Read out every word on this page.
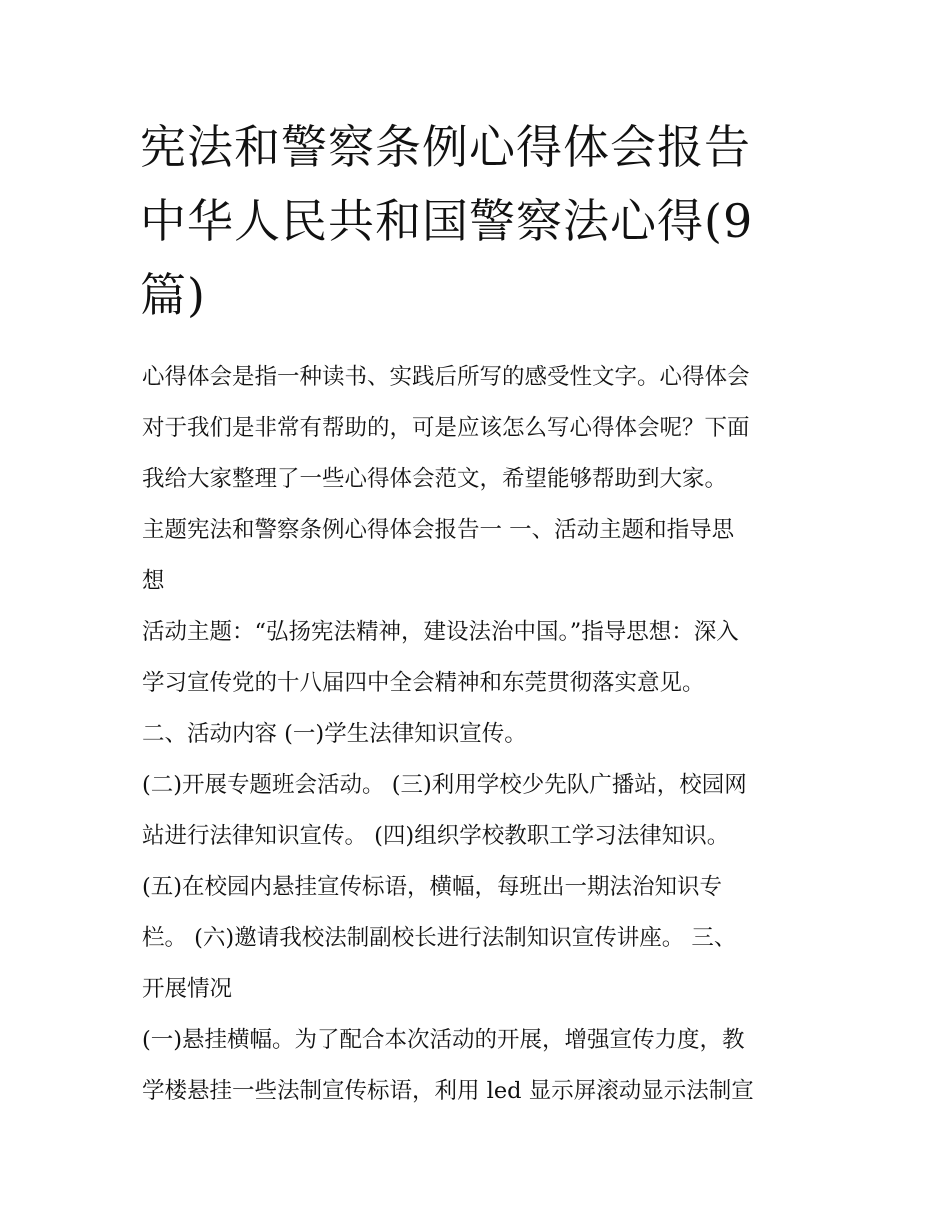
宪法和警察条例心得体会报告
中华人民共和国警察法心得(9
篇)
心得体会是指一种读书、实践后所写的感受性文字。心得体会
对于我们是非常有帮助的，可是应该怎么写心得体会呢？下面
我给大家整理了一些心得体会范文，希望能够帮助到大家。
主题宪法和警察条例心得体会报告一 一、活动主题和指导思
想
活动主题：“弘扬宪法精神，建设法治中国。”指导思想：深入
学习宣传党的十八届四中全会精神和东莞贯彻落实意见。
二、活动内容 (一)学生法律知识宣传。
(二)开展专题班会活动。 (三)利用学校少先队广播站，校园网
站进行法律知识宣传。 (四)组织学校教职工学习法律知识。
(五)在校园内悬挂宣传标语，横幅，每班出一期法治知识专
栏。 (六)邀请我校法制副校长进行法制知识宣传讲座。 三、
开展情况
(一)悬挂横幅。为了配合本次活动的开展，增强宣传力度，教
学楼悬挂一些法制宣传标语，利用 led 显示屏滚动显示法制宣
